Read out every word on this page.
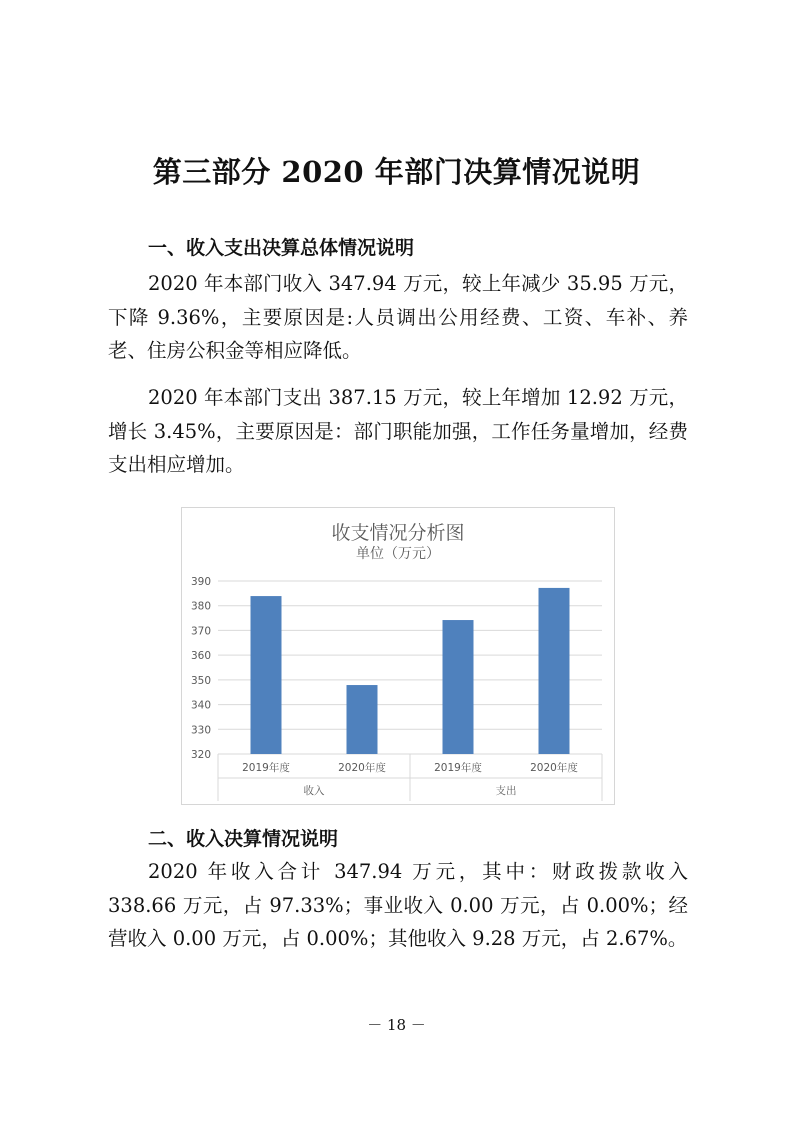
第三部分 2020 年部门决算情况说明
一、收入支出决算总体情况说明

2020 年本部门收入 347.94 万元，较上年减少 35.95 万元，下降 9.36%，主要原因是:人员调出公用经费、工资、车补、养老、住房公积金等相应降低。

2020 年本部门支出 387.15 万元，较上年增加 12.92 万元，增长 3.45%，主要原因是：部门职能加强，工作任务量增加，经费支出相应增加。

收支情况分析图
单位（万元）
320
330
340
350
360
370
380
390
2019年度	2020年度
收入
2019年度	2020年度
支出
二、收入决算情况说明

2020 年收入合计 347.94 万元，其中：财政拨款收入 338.66 万元，占 97.33%；事业收入 0.00 万元，占 0.00%；经营收入 0.00 万元，占 0.00%；其他收入 9.28 万元，占 2.67%。

－ 18 －
